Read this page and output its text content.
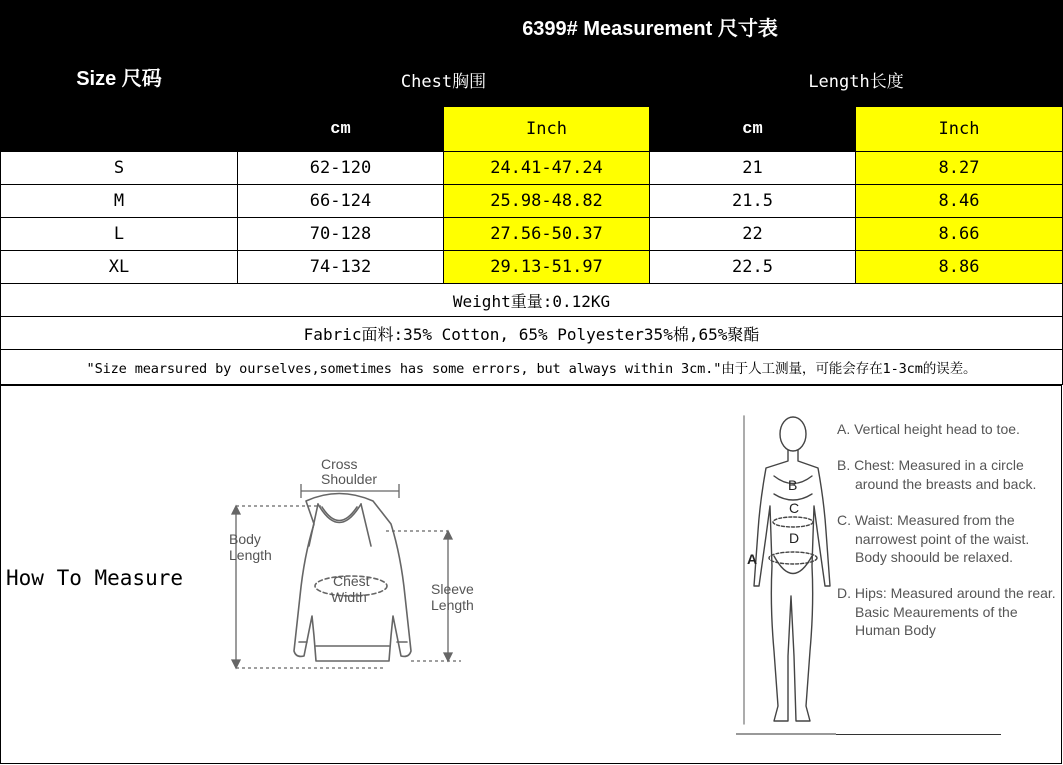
Size 尺码	6399# Measurement 尺寸表			
	Chest胸围		Length长度	
	cm	Inch	cm	Inch
S	62-120	24.41-47.24	21	8.27
M	66-124	25.98-48.82	21.5	8.46
L	70-128	27.56-50.37	22	8.66
XL	74-132	29.13-51.97	22.5	8.86
Weight重量:0.12KG				
Fabric面料:35% Cotton, 65% Polyester35%棉,65%聚酯				
"Size mearsured by ourselves,sometimes has some errors, but always within 3cm."由于人工测量，可能会存在1-3cm的误差。				
How To Measure
Cross Shoulder
Body Length
Chest Width	Sleeve Length
A
B
C
D
A. Vertical height head to toe.
B. Chest: Measured in a circle around the breasts and back.
C. Waist: Measured from the narrowest point of the waist. Body shoould be relaxed.
D. Hips: Measured around the rear. Basic Meaurements of the Human Body
